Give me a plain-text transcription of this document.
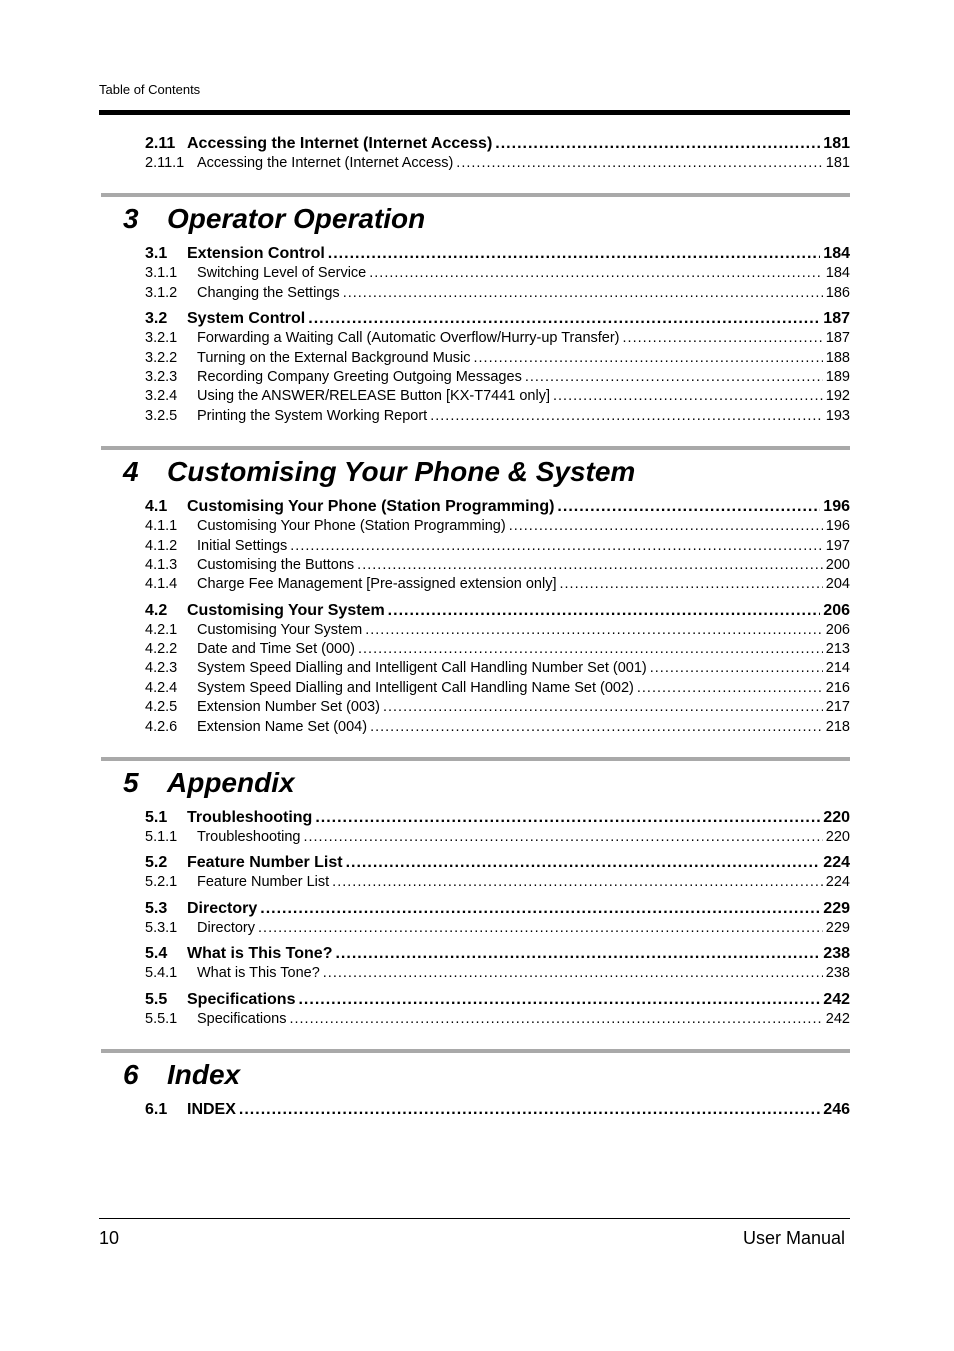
Table of Contents
2.11 Accessing the Internet (Internet Access) .....	181
2.11.1 Accessing the Internet (Internet Access) .....	181
3 Operator Operation
3.1	Extension Control .....	184
3.1.1	Switching Level of Service .....	184
3.1.2	Changing the Settings .....	186
3.2	System Control .....	187
3.2.1	Forwarding a Waiting Call (Automatic Overflow/Hurry-up Transfer) .....	187
3.2.2	Turning on the External Background Music .....	188
3.2.3	Recording Company Greeting Outgoing Messages .....	189
3.2.4	Using the ANSWER/RELEASE Button [KX-T7441 only] .....	192
3.2.5	Printing the System Working Report .....	193
4 Customising Your Phone & System
4.1	Customising Your Phone (Station Programming) .....	196
4.1.1	Customising Your Phone (Station Programming) .....	196
4.1.2	Initial Settings .....	197
4.1.3	Customising the Buttons .....	200
4.1.4	Charge Fee Management [Pre-assigned extension only] .....	204
4.2	Customising Your System .....	206
4.2.1	Customising Your System .....	206
4.2.2	Date and Time Set (000) .....	213
4.2.3	System Speed Dialling and Intelligent Call Handling Number Set (001) .....	214
4.2.4	System Speed Dialling and Intelligent Call Handling Name Set (002) .....	216
4.2.5	Extension Number Set (003) .....	217
4.2.6	Extension Name Set (004) .....	218
5 Appendix
5.1	Troubleshooting .....	220
5.1.1	Troubleshooting .....	220
5.2	Feature Number List .....	224
5.2.1	Feature Number List .....	224
5.3	Directory .....	229
5.3.1	Directory .....	229
5.4	What is This Tone? .....	238
5.4.1	What is This Tone? .....	238
5.5	Specifications .....	242
5.5.1	Specifications .....	242
6 Index
6.1	INDEX .....	246
10	User Manual
